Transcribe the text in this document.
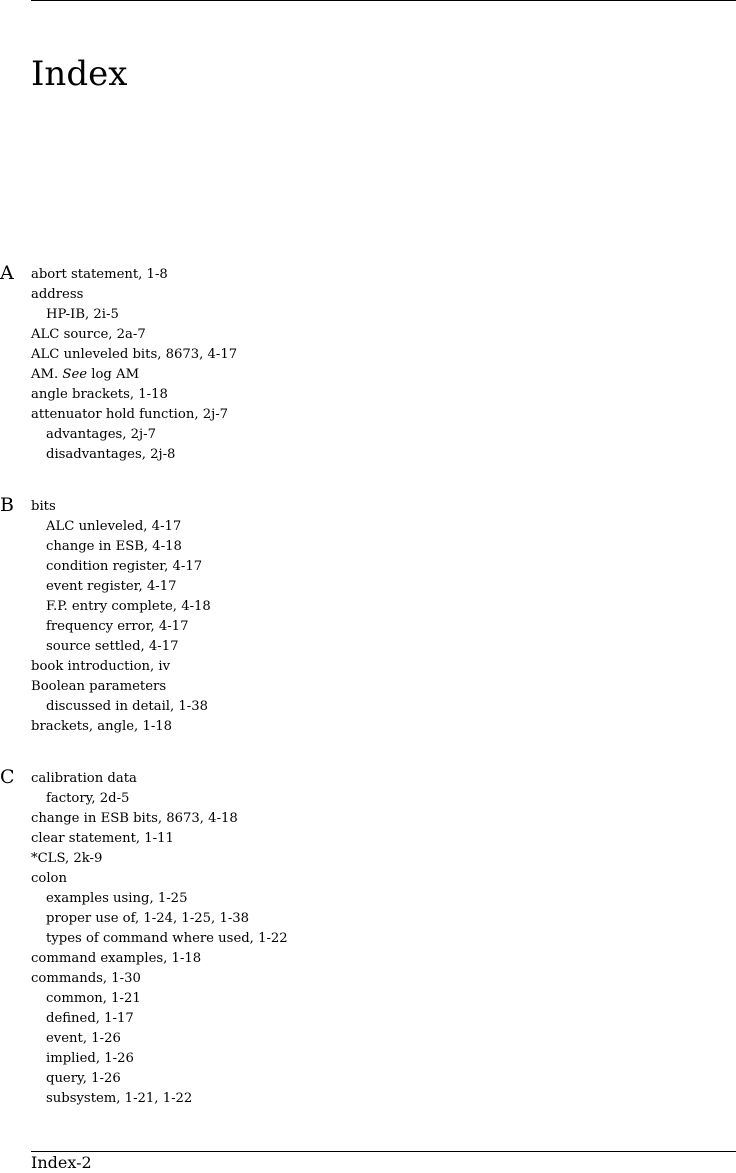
Index
A abort statement, 1-8
address
HP-IB, 2i-5
ALC source, 2a-7
ALC unleveled bits, 8673, 4-17
AM. See log AM
angle brackets, 1-18
attenuator hold function, 2j-7
advantages, 2j-7
disadvantages, 2j-8
B bits
ALC unleveled, 4-17
change in ESB, 4-18
condition register, 4-17
event register, 4-17
F.P. entry complete, 4-18
frequency error, 4-17
source settled, 4-17
book introduction, iv
Boolean parameters
discussed in detail, 1-38
brackets, angle, 1-18
C calibration data
factory, 2d-5
change in ESB bits, 8673, 4-18
clear statement, 1-11
*CLS, 2k-9
colon
examples using, 1-25
proper use of, 1-24, 1-25, 1-38
types of command where used, 1-22
command examples, 1-18
commands, 1-30
common, 1-21
defined, 1-17
event, 1-26
implied, 1-26
query, 1-26
subsystem, 1-21, 1-22
Index-2
